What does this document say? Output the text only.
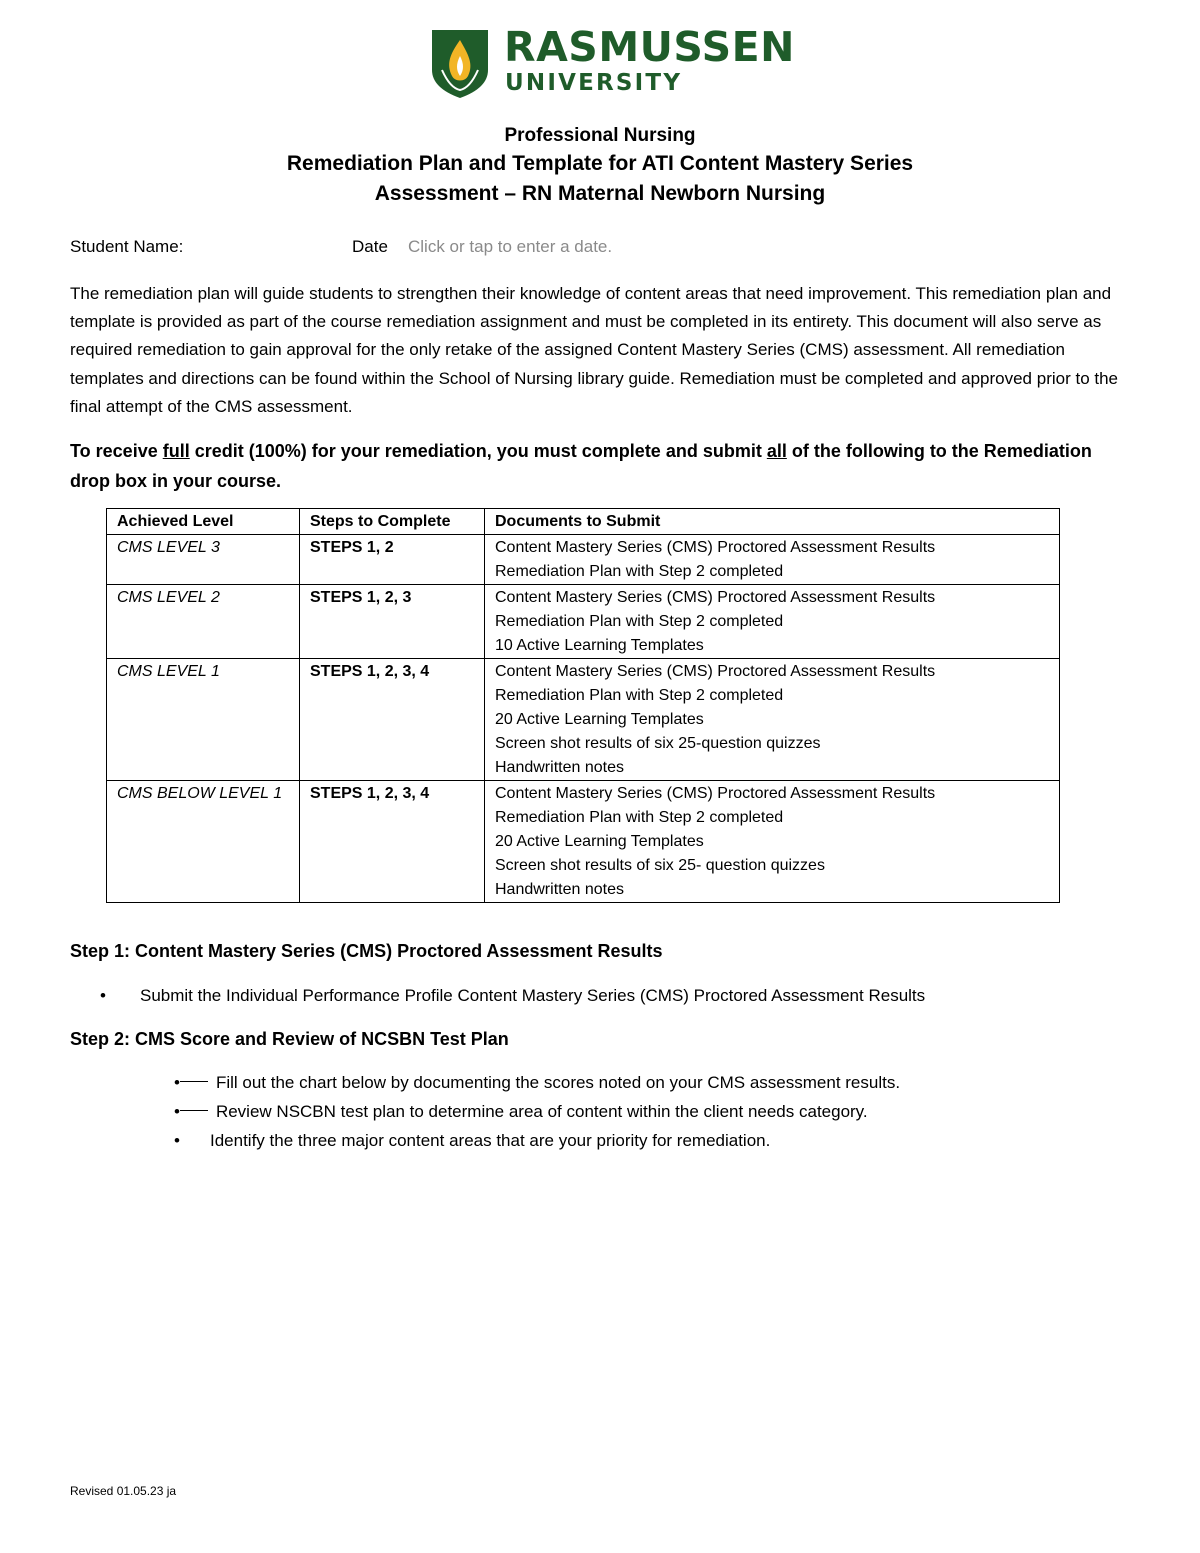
RASMUSSEN
UNIVERSITY
Professional Nursing
Remediation Plan and Template for ATI Content Mastery Series
Assessment – RN Maternal Newborn Nursing
Student Name:	Date
Click or tap to enter a date.
The remediation plan will guide students to strengthen their knowledge of content areas that need improvement. This remediation plan and template is provided as part of the course remediation assignment and must be completed in its entirety. This document will also serve as required remediation to gain approval for the only retake of the assigned Content Mastery Series (CMS) assessment. All remediation templates and directions can be found within the School of Nursing library guide. Remediation must be completed and approved prior to the final attempt of the CMS assessment.
To receive full credit (100%) for your remediation, you must complete and submit all of the following to the Remediation drop box in your course.
Achieved Level	Steps to Complete	Documents to Submit
CMS LEVEL 3	STEPS 1, 2	Content Mastery Series (CMS) Proctored Assessment Results
Remediation Plan with Step 2 completed

CMS LEVEL 2	STEPS 1, 2, 3	Content Mastery Series (CMS) Proctored Assessment Results
Remediation Plan with Step 2 completed
10 Active Learning Templates

CMS LEVEL 1	STEPS 1, 2, 3, 4	Content Mastery Series (CMS) Proctored Assessment Results
Remediation Plan with Step 2 completed
20 Active Learning Templates
Screen shot results of six 25-question quizzes
Handwritten notes

CMS BELOW LEVEL 1	STEPS 1, 2, 3, 4	Content Mastery Series (CMS) Proctored Assessment Results
Remediation Plan with Step 2 completed
20 Active Learning Templates
Screen shot results of six 25- question quizzes
Handwritten notes
Step 1: Content Mastery Series (CMS) Proctored Assessment Results
• Submit the Individual Performance Profile Content Mastery Series (CMS) Proctored Assessment Results
Step 2: CMS Score and Review of NCSBN Test Plan
• Fill out the chart below by documenting the scores noted on your CMS assessment results.
• Review NSCBN test plan to determine area of content within the client needs category.
• Identify the three major content areas that are your priority for remediation.
Revised 01.05.23 ja
